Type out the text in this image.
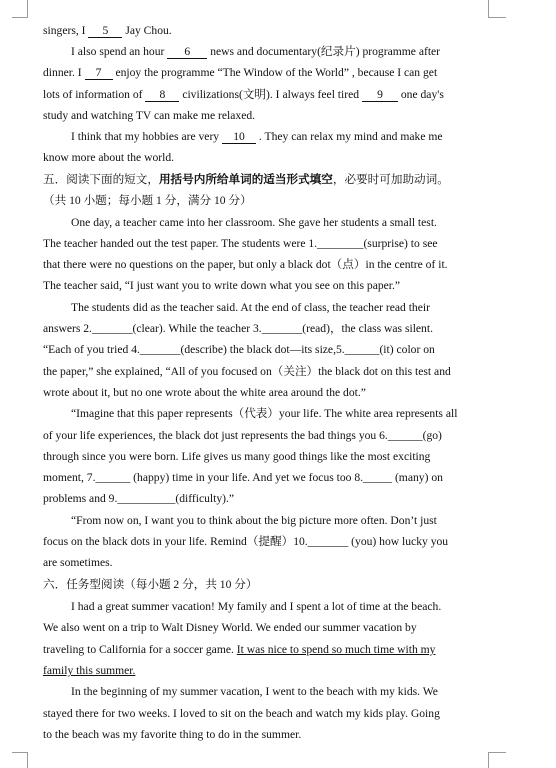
singers, I 5 Jay Chou.
I also spend an hour 6 news and documentary(纪录片) programme after
dinner. I 7 enjoy the programme “The Window of the World” , because I can get
lots of information of 8 civilizations(文明). I always feel tired 9 one day's
study and watching TV can make me relaxed.
I think that my hobbies are very 10 . They can relax my mind and make me
know more about the world.
五．阅读下面的短文，用括号内所给单词的适当形式填空，必要时可加助动词。
（共 10 小题；每小题 1 分，满分 10 分）
One day, a teacher came into her classroom. She gave her students a small test.
The teacher handed out the test paper. The students were 1.________(surprise) to see
that there were no questions on the paper, but only a black dot（点）in the centre of it.
The teacher said, “I just want you to write down what you see on this paper.”
The students did as the teacher said. At the end of class, the teacher read their
answers 2._______(clear). While the teacher 3._______(read)，the class was silent.
“Each of you tried 4._______(describe) the black dot—its size,5.______(it) color on
the paper,” she explained, “All of you focused on（关注）the black dot on this test and
wrote about it, but no one wrote about the white area around the dot.”
“Imagine that this paper represents（代表）your life. The white area represents all
of your life experiences, the black dot just represents the bad things you 6.______(go)
through since you were born. Life gives us many good things like the most exciting
moment, 7.______ (happy) time in your life. And yet we focus too 8._____ (many) on
problems and 9.__________(difficulty).”
“From now on, I want you to think about the big picture more often. Don’t just
focus on the black dots in your life. Remind（提醒）10._______ (you) how lucky you
are sometimes.
六．任务型阅读（每小题 2 分，共 10 分）
I had a great summer vacation! My family and I spent a lot of time at the beach.
We also went on a trip to Walt Disney World. We ended our summer vacation by
traveling to California for a soccer game. It was nice to spend so much time with my
family this summer.
In the beginning of my summer vacation, I went to the beach with my kids. We
stayed there for two weeks. I loved to sit on the beach and watch my kids play. Going
to the beach was my favorite thing to do in the summer.
